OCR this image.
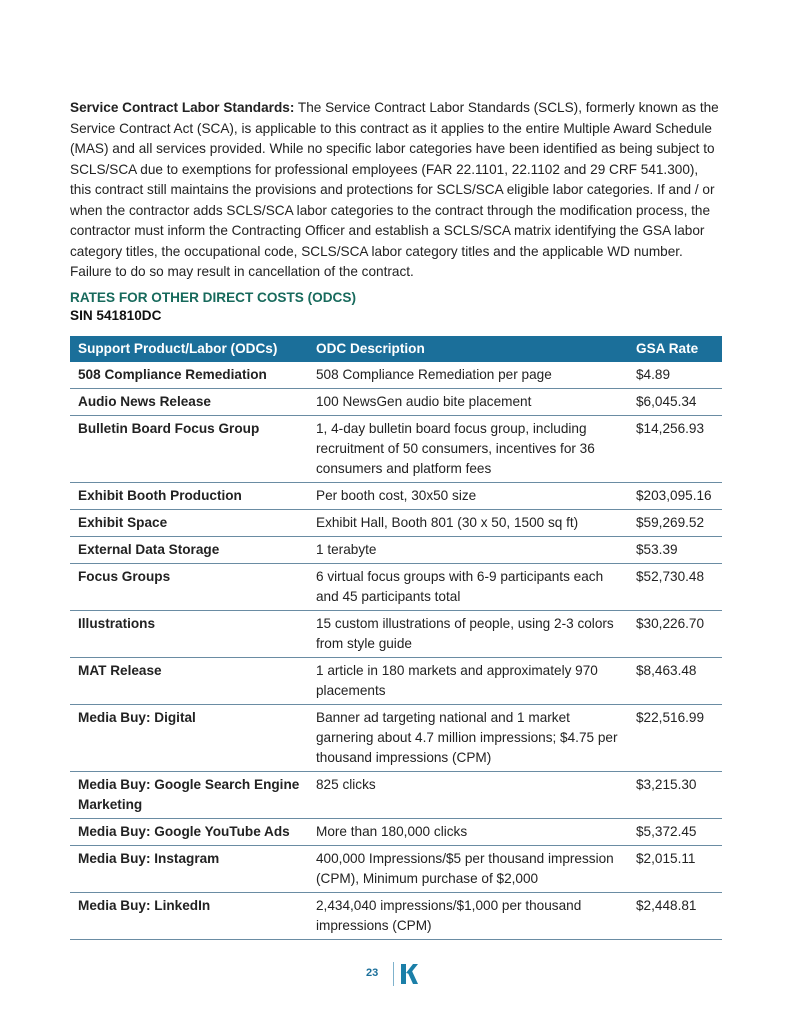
Service Contract Labor Standards: The Service Contract Labor Standards (SCLS), formerly known as the Service Contract Act (SCA), is applicable to this contract as it applies to the entire Multiple Award Schedule (MAS) and all services provided. While no specific labor categories have been identified as being subject to SCLS/SCA due to exemptions for professional employees (FAR 22.1101, 22.1102 and 29 CRF 541.300), this contract still maintains the provisions and protections for SCLS/SCA eligible labor categories. If and / or when the contractor adds SCLS/SCA labor categories to the contract through the modification process, the contractor must inform the Contracting Officer and establish a SCLS/SCA matrix identifying the GSA labor category titles, the occupational code, SCLS/SCA labor category titles and the applicable WD number. Failure to do so may result in cancellation of the contract.

RATES FOR OTHER DIRECT COSTS (ODCS)
SIN 541810DC
Support Product/Labor (ODCs)	ODC Description	GSA Rate
508 Compliance Remediation	508 Compliance Remediation per page	$4.89
Audio News Release	100 NewsGen audio bite placement	$6,045.34
Bulletin Board Focus Group	1, 4-day bulletin board focus group, including recruitment of 50 consumers, incentives for 36 consumers and platform fees	$14,256.93
Exhibit Booth Production	Per booth cost, 30x50 size	$203,095.16
Exhibit Space	Exhibit Hall, Booth 801 (30 x 50, 1500 sq ft)	$59,269.52
External Data Storage	1 terabyte	$53.39
Focus Groups	6 virtual focus groups with 6-9 participants each and 45 participants total	$52,730.48
Illustrations	15 custom illustrations of people, using 2-3 colors from style guide	$30,226.70
MAT Release	1 article in 180 markets and approximately 970 placements	$8,463.48
Media Buy: Digital	Banner ad targeting national and 1 market garnering about 4.7 million impressions; $4.75 per thousand impressions (CPM)	$22,516.99
Media Buy: Google Search Engine Marketing	825 clicks	$3,215.30
Media Buy: Google YouTube Ads	More than 180,000 clicks	$5,372.45
Media Buy: Instagram	400,000 Impressions/$5 per thousand impression (CPM), Minimum purchase of $2,000	$2,015.11
Media Buy: LinkedIn	2,434,040 impressions/$1,000 per thousand impressions (CPM)	$2,448.81
23
